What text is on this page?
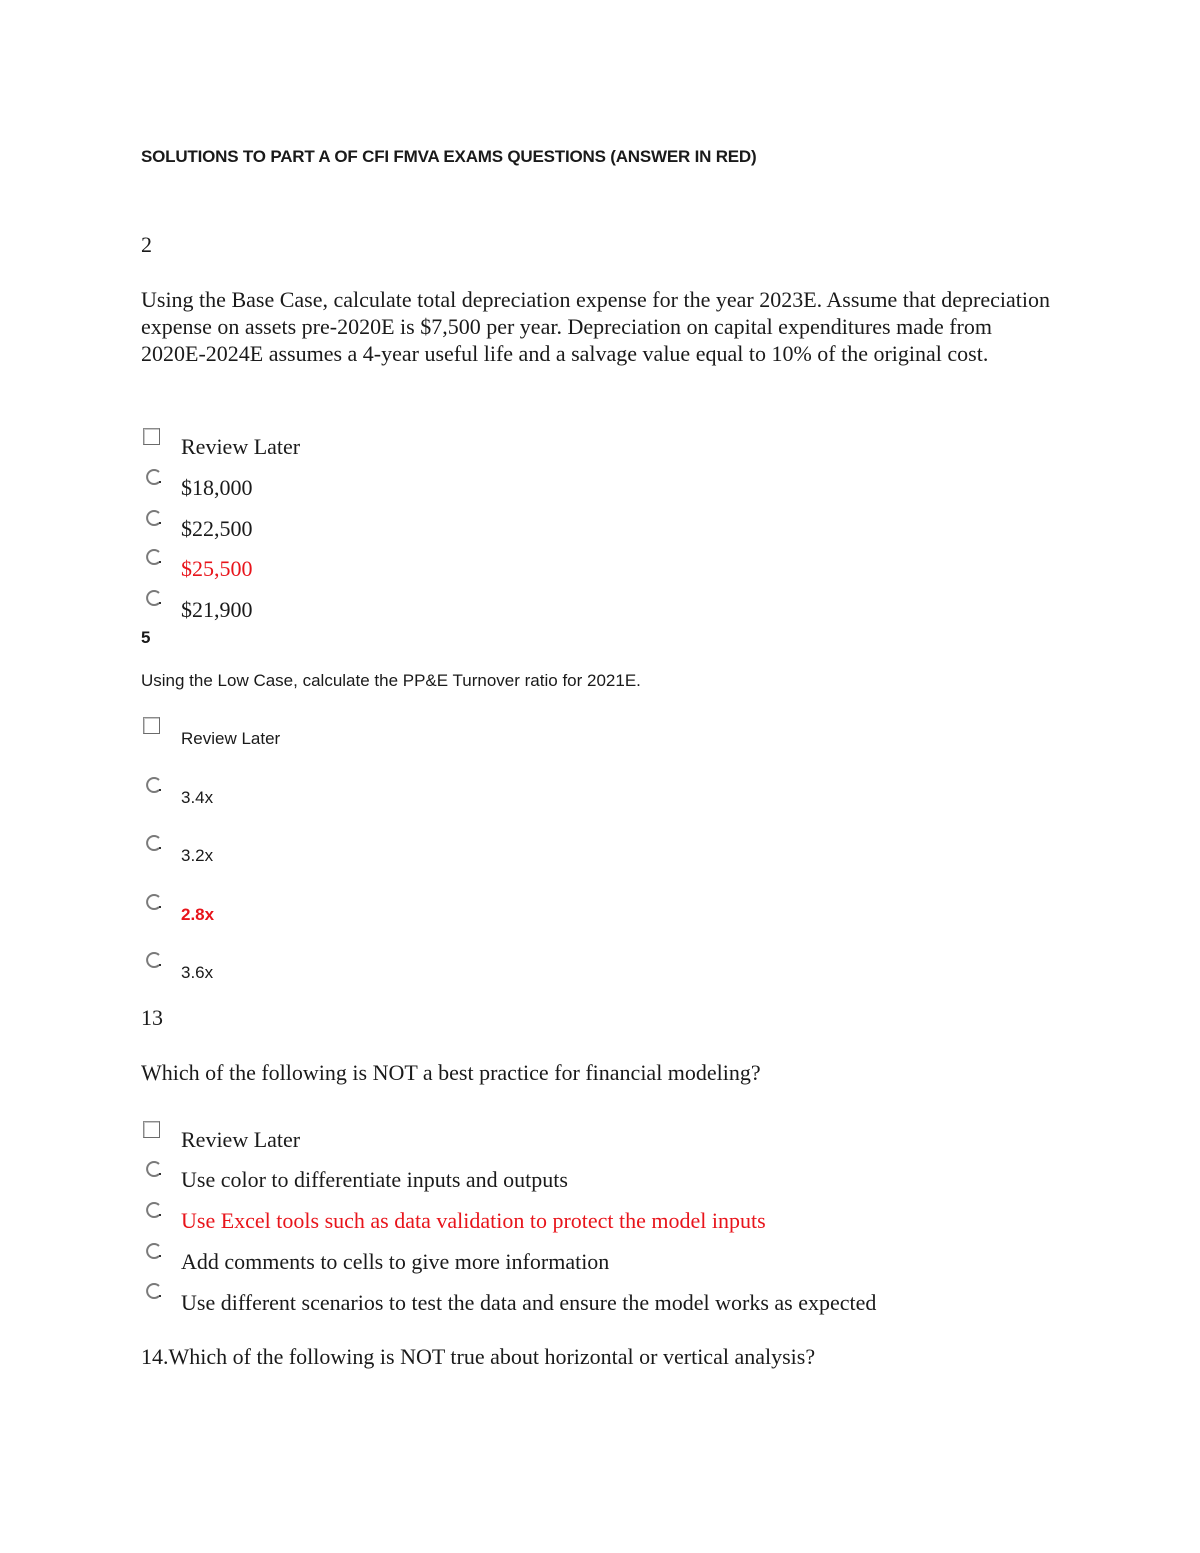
SOLUTIONS TO PART A OF CFI FMVA EXAMS QUESTIONS (ANSWER IN RED)
2
Using the Base Case, calculate total depreciation expense for the year 2023E. Assume that depreciation expense on assets pre-2020E is $7,500 per year. Depreciation on capital expenditures made from 2020E-2024E assumes a 4-year useful life and a salvage value equal to 10% of the original cost.
Review Later
$18,000
$22,500
$25,500
$21,900
5
Using the Low Case, calculate the PP&E Turnover ratio for 2021E.
Review Later
3.4x
3.2x
2.8x
3.6x
13
Which of the following is NOT a best practice for financial modeling?
Review Later
Use color to differentiate inputs and outputs
Use Excel tools such as data validation to protect the model inputs
Add comments to cells to give more information
Use different scenarios to test the data and ensure the model works as expected
14.Which of the following is NOT true about horizontal or vertical analysis?
